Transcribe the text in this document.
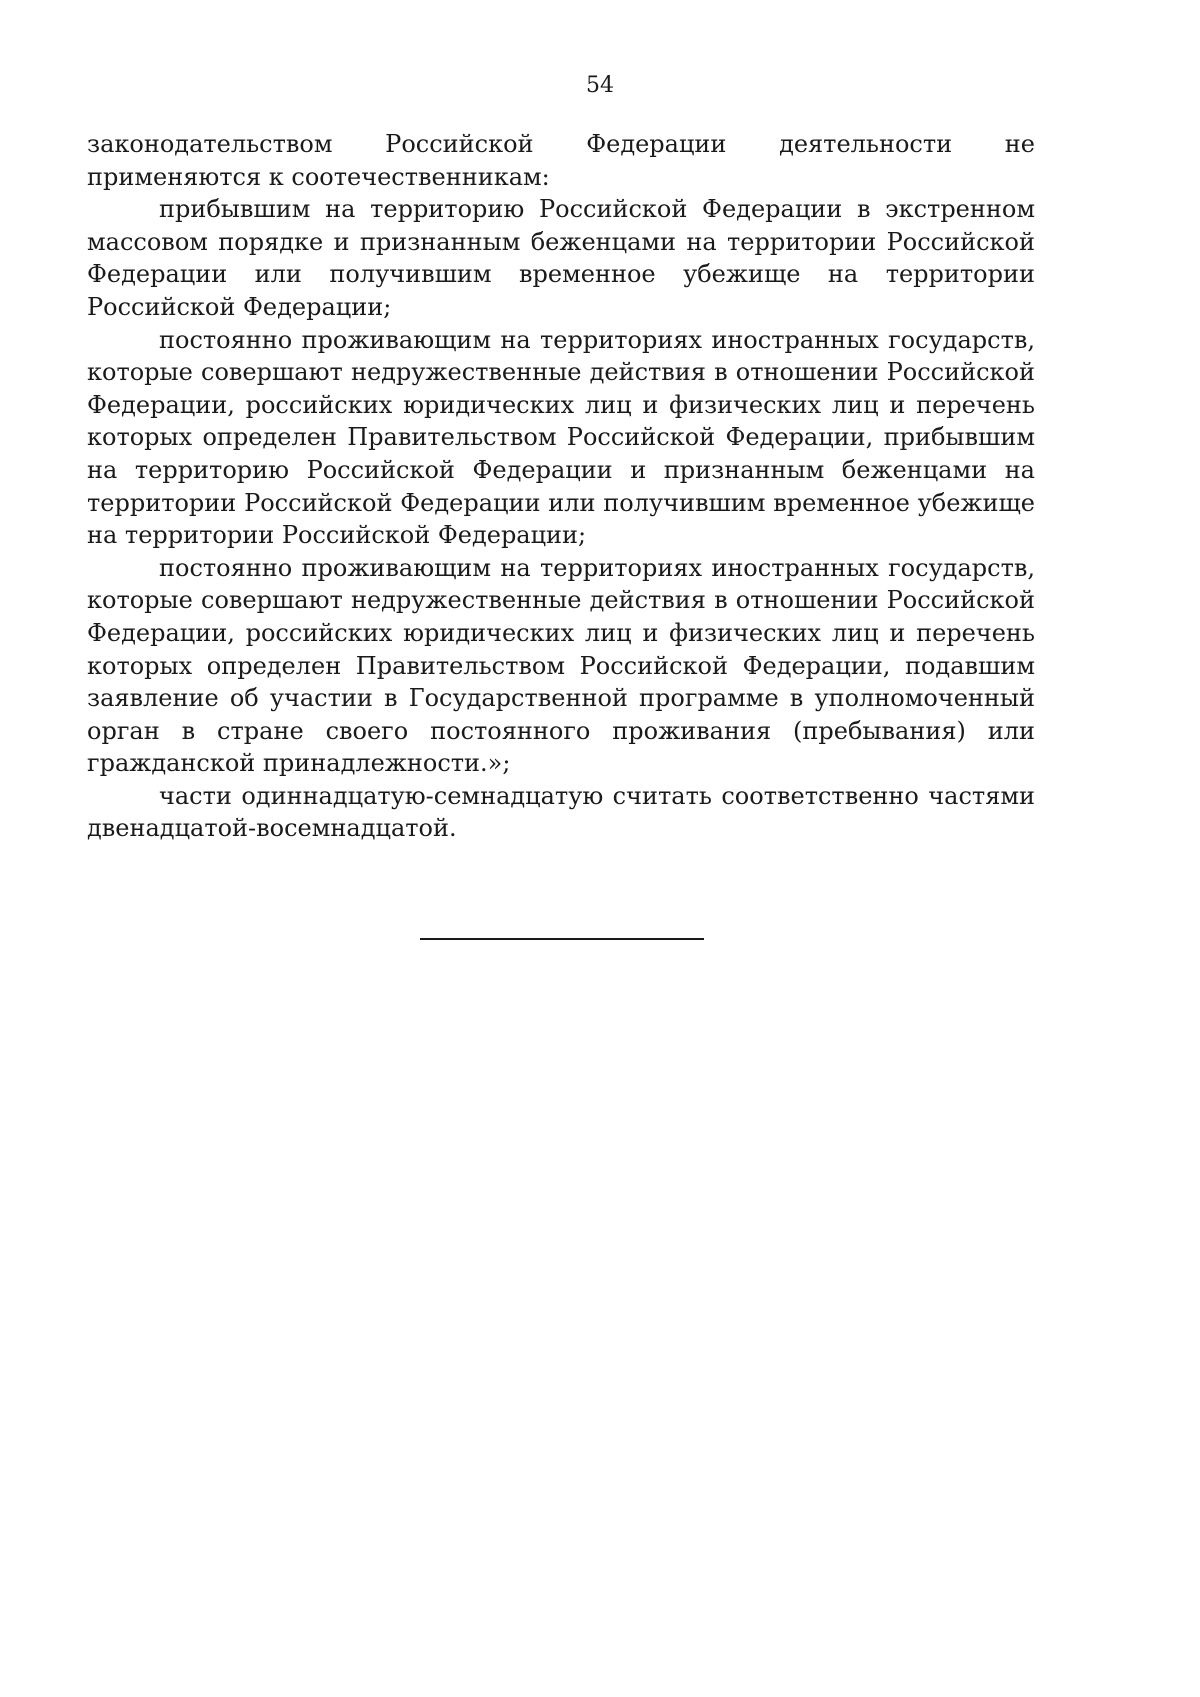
54

законодательством Российской Федерации деятельности не применяются к соотечественникам:

прибывшим на территорию Российской Федерации в экстренном массовом порядке и признанным беженцами на территории Российской Федерации или получившим временное убежище на территории Российской Федерации;

постоянно проживающим на территориях иностранных государств, которые совершают недружественные действия в отношении Российской Федерации, российских юридических лиц и физических лиц и перечень которых определен Правительством Российской Федерации, прибывшим на территорию Российской Федерации и признанным беженцами на территории Российской Федерации или получившим временное убежище на территории Российской Федерации;

постоянно проживающим на территориях иностранных государств, которые совершают недружественные действия в отношении Российской Федерации, российских юридических лиц и физических лиц и перечень которых определен Правительством Российской Федерации, подавшим заявление об участии в Государственной программе в уполномоченный орган в стране своего постоянного проживания (пребывания) или гражданской принадлежности.»;

части одиннадцатую-семнадцатую считать соответственно частями двенадцатой-восемнадцатой.
